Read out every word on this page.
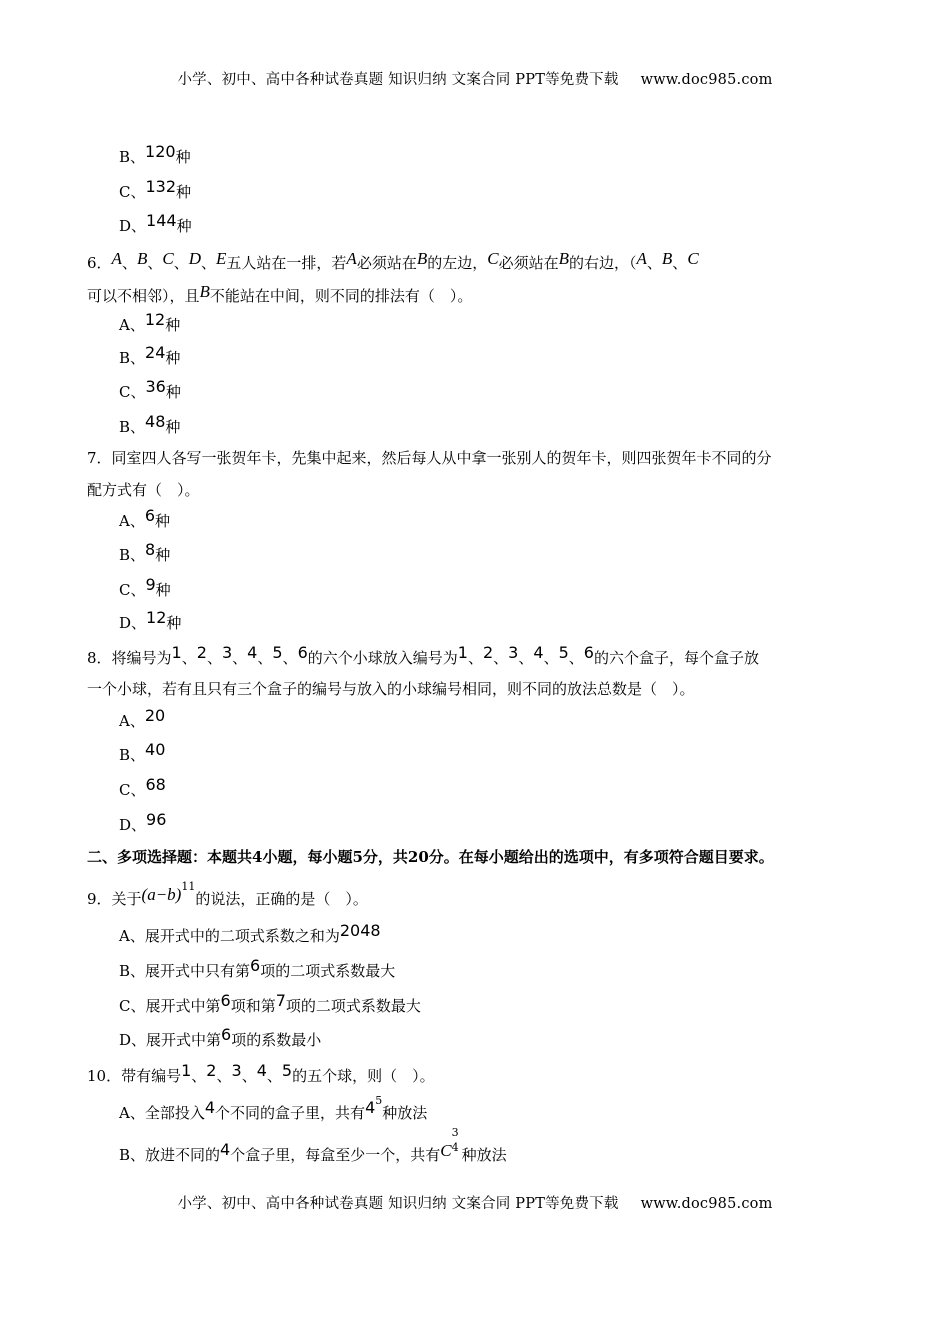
小学、初中、高中各种试卷真题 知识归纳 文案合同 PPT等免费下载 www.doc985.com
B、120种
C、132种
D、144种
6．A、B、C、D、E五人站在一排，若A必须站在B的左边，C必须站在B的右边，（A、B、C
可以不相邻），且B不能站在中间，则不同的排法有（　）。
A、12种
B、24种
C、36种
B、48种
7．同室四人各写一张贺年卡，先集中起来，然后每人从中拿一张别人的贺年卡，则四张贺年卡不同的分
配方式有（　）。
A、6种
B、8种
C、9种
D、12种
8．将编号为1、2、3、4、5、6的六个小球放入编号为1、2、3、4、5、6的六个盒子，每个盒子放
一个小球，若有且只有三个盒子的编号与放入的小球编号相同，则不同的放法总数是（　）。
A、20
B、40
C、68
D、96
二、多项选择题：本题共4小题，每小题5分，共20分。在每小题给出的选项中，有多项符合题目要求。
9．关于$(a-b)^{11}$的说法，正确的是（　）。
A、展开式中的二项式系数之和为2048
B、展开式中只有第6项的二项式系数最大
C、展开式中第6项和第7项的二项式系数最大
D、展开式中第6项的系数最小
10．带有编号1、2、3、4、5的五个球，则（　）。
A、全部投入4个不同的盒子里，共有$4^5$种放法
B、放进不同的4个盒子里，每盒至少一个，共有C
3
4 种放法
小学、初中、高中各种试卷真题 知识归纳 文案合同 PPT等免费下载 www.doc985.com
